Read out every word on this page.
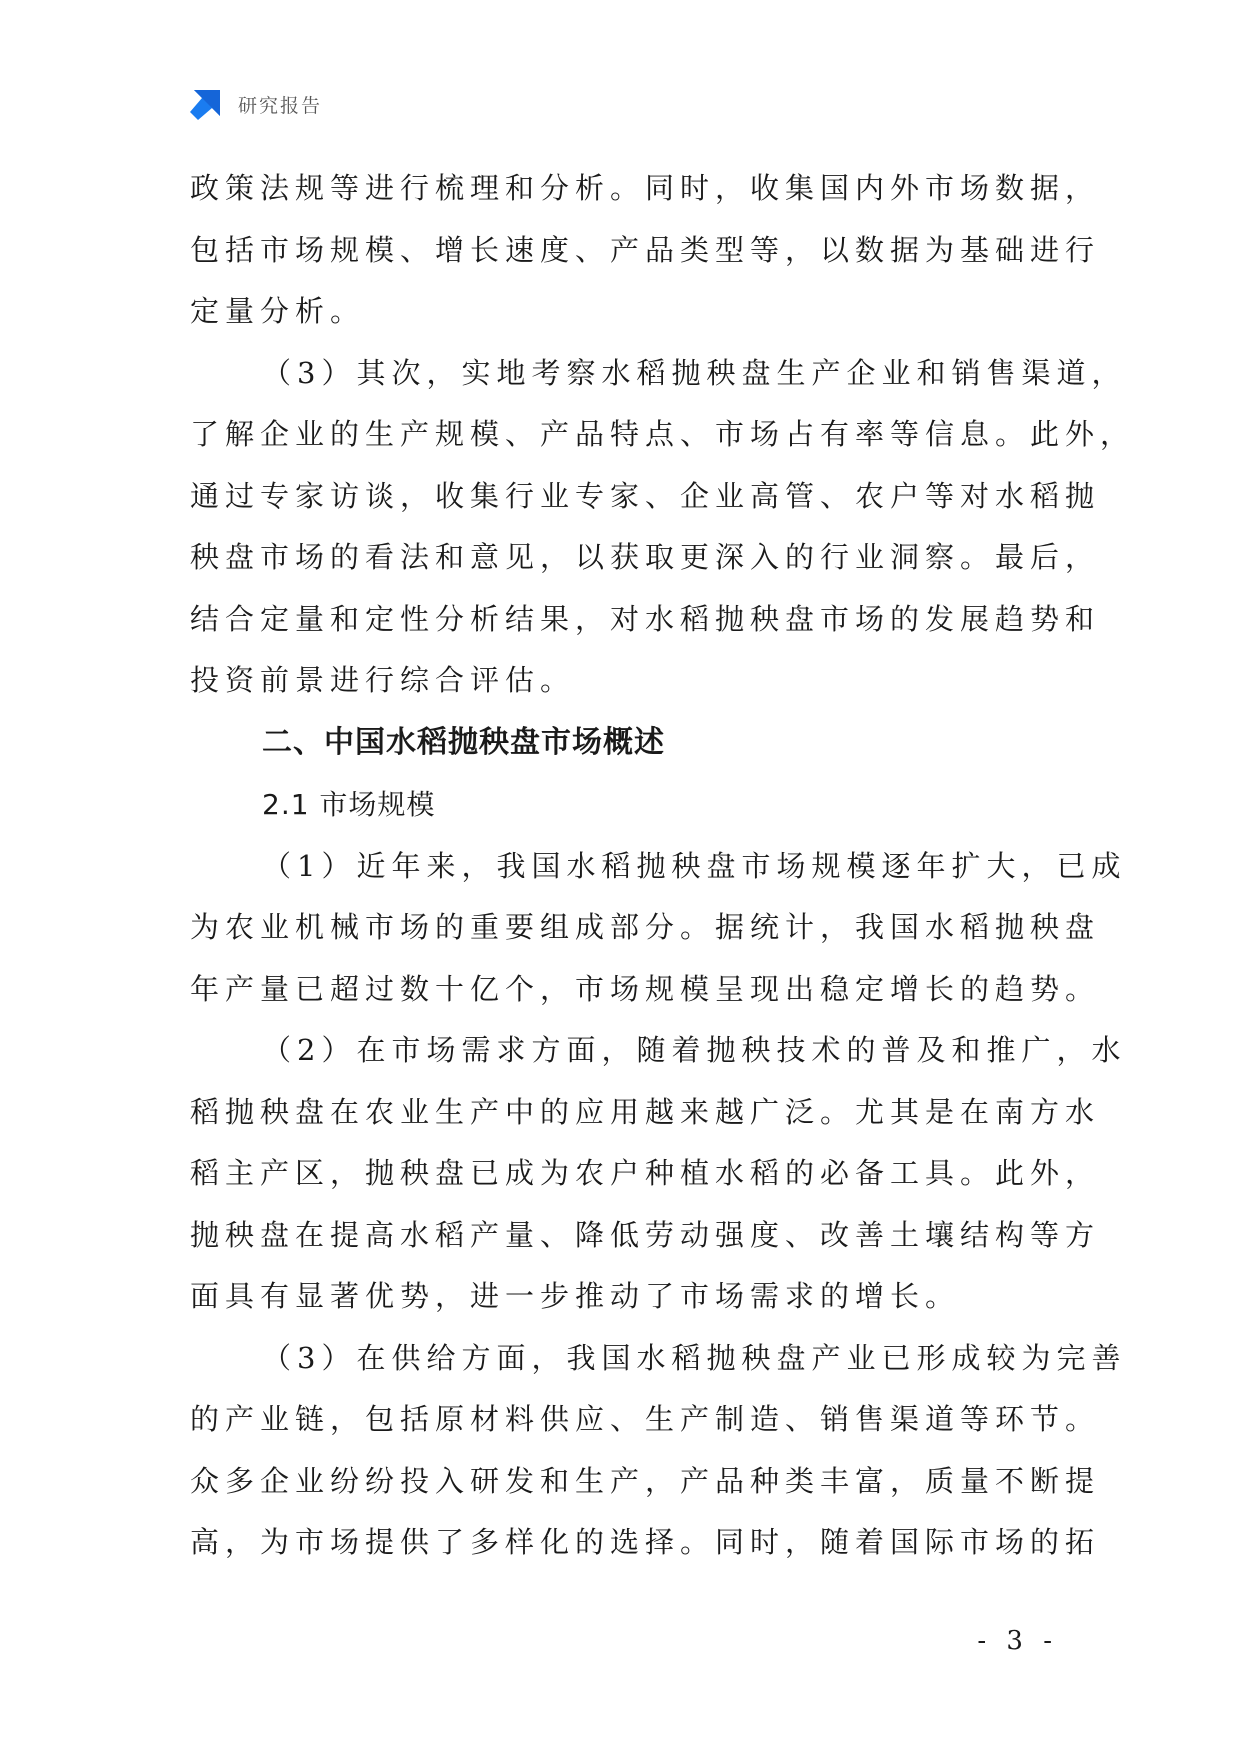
研究报告

政策法规等进行梳理和分析。同时，收集国内外市场数据，

包括市场规模、增长速度、产品类型等，以数据为基础进行

定量分析。

（3）其次，实地考察水稻抛秧盘生产企业和销售渠道，

了解企业的生产规模、产品特点、市场占有率等信息。此外，

通过专家访谈，收集行业专家、企业高管、农户等对水稻抛

秧盘市场的看法和意见，以获取更深入的行业洞察。最后，

结合定量和定性分析结果，对水稻抛秧盘市场的发展趋势和

投资前景进行综合评估。

二、中国水稻抛秧盘市场概述

2.1 市场规模

（1）近年来，我国水稻抛秧盘市场规模逐年扩大，已成

为农业机械市场的重要组成部分。据统计，我国水稻抛秧盘

年产量已超过数十亿个，市场规模呈现出稳定增长的趋势。

（2）在市场需求方面，随着抛秧技术的普及和推广，水

稻抛秧盘在农业生产中的应用越来越广泛。尤其是在南方水

稻主产区，抛秧盘已成为农户种植水稻的必备工具。此外，

抛秧盘在提高水稻产量、降低劳动强度、改善土壤结构等方

面具有显著优势，进一步推动了市场需求的增长。

（3）在供给方面，我国水稻抛秧盘产业已形成较为完善

的产业链，包括原材料供应、生产制造、销售渠道等环节。

众多企业纷纷投入研发和生产，产品种类丰富，质量不断提

高，为市场提供了多样化的选择。同时，随着国际市场的拓

- 3 -
